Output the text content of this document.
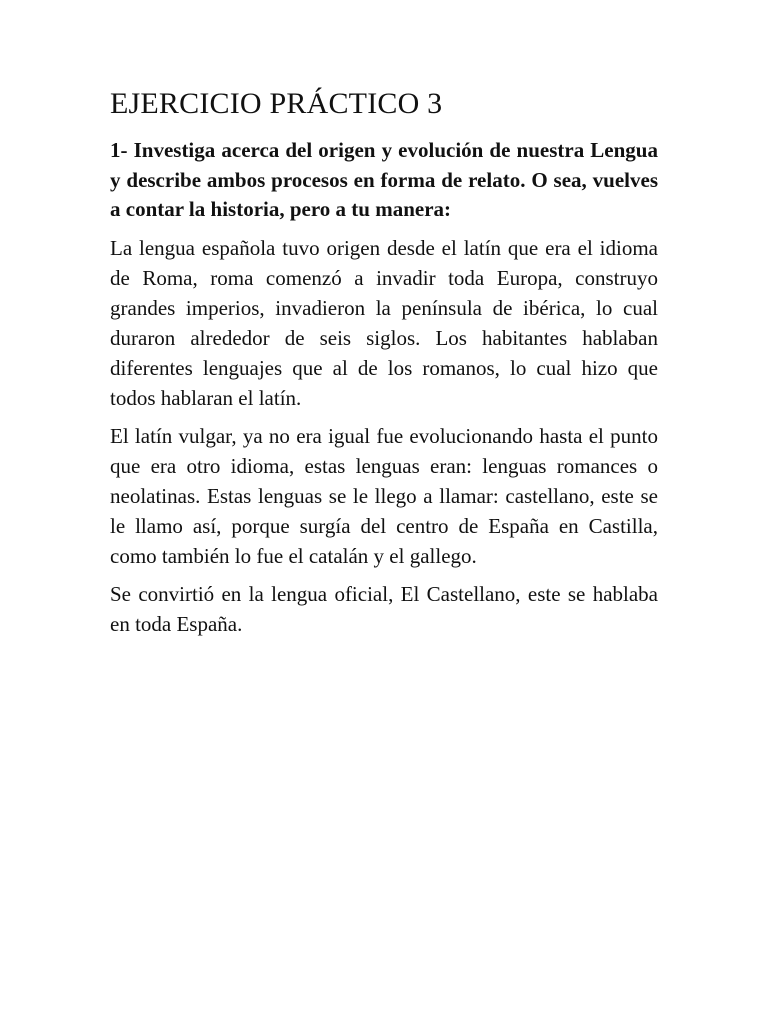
EJERCICIO PRÁCTICO 3

1- Investiga acerca del origen y evolución de nuestra Lengua y describe ambos procesos en forma de relato. O sea, vuelves a contar la historia, pero a tu manera:

La lengua española tuvo origen desde el latín que era el idioma de Roma, roma comenzó a invadir toda Europa, construyo grandes imperios, invadieron la península de ibérica, lo cual duraron alrededor de seis siglos. Los habitantes hablaban diferentes lenguajes que al de los romanos, lo cual hizo que todos hablaran el latín.

El latín vulgar, ya no era igual fue evolucionando hasta el punto que era otro idioma, estas lenguas eran: lenguas romances o neolatinas. Estas lenguas se le llego a llamar: castellano, este se le llamo así, porque surgía del centro de España en Castilla, como también lo fue el catalán y el gallego.

Se convirtió en la lengua oficial, El Castellano, este se hablaba en toda España.
